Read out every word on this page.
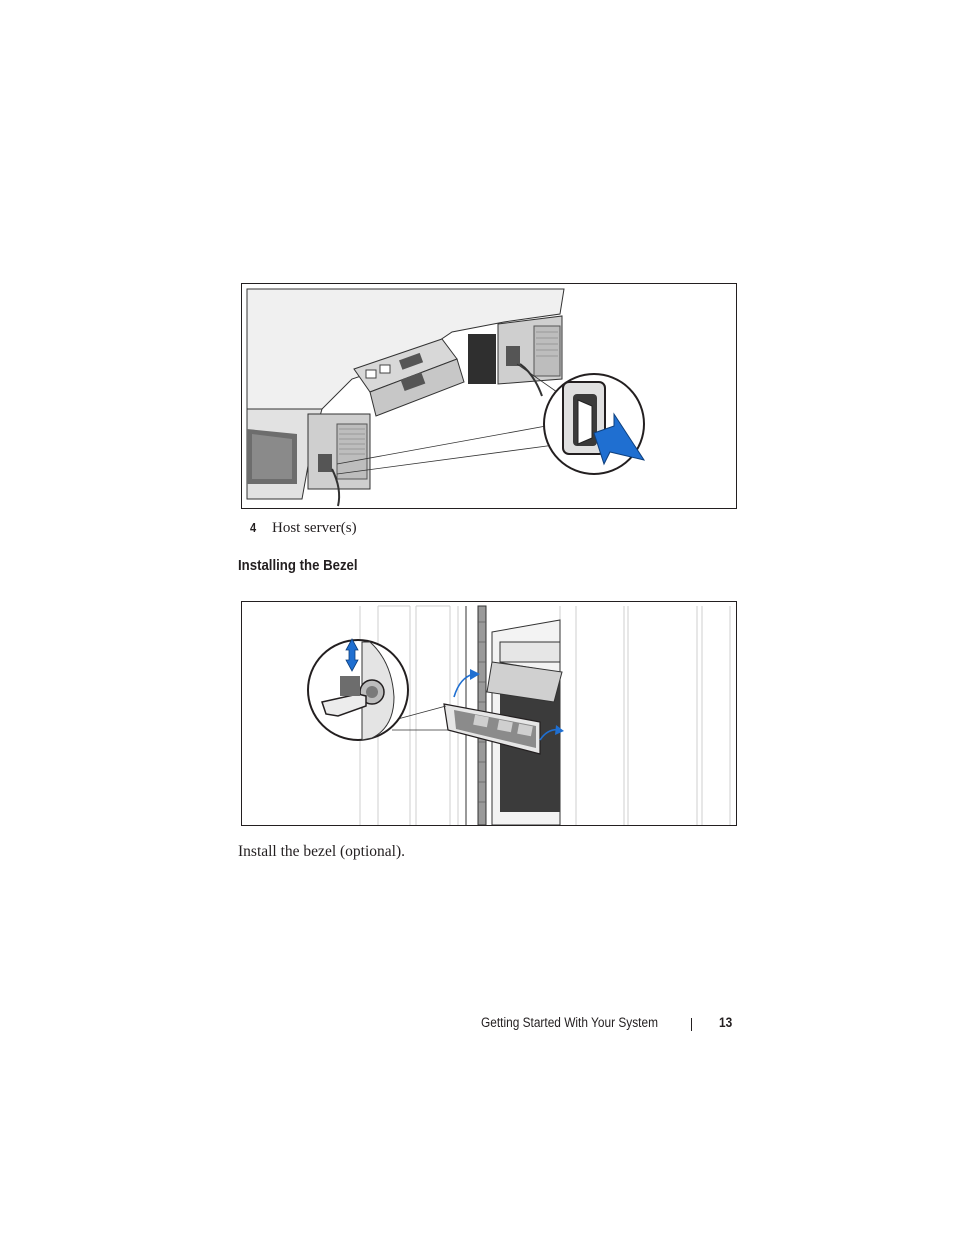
4	Host server(s)
Installing the Bezel

Install the bezel (optional).

Getting Started With Your System	13
